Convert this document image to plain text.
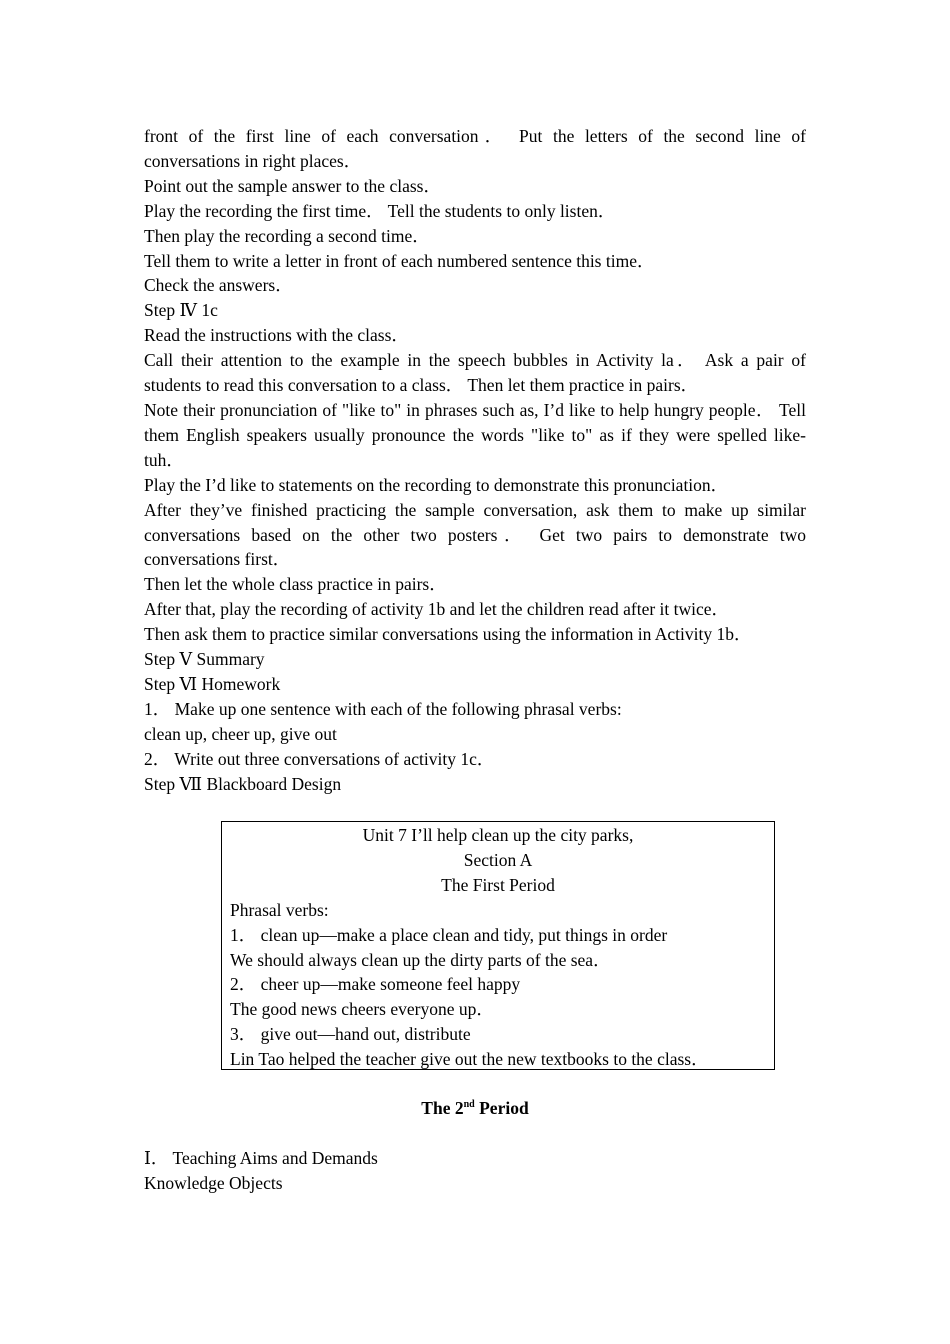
front of the first line of each conversation． Put the letters of the second line of

conversations in right places．

Point out the sample answer to the class．

Play the recording the first time． Tell the students to only listen．

Then play the recording a second time．

Tell them to write a letter in front of each numbered sentence this time．

Check the answers．

Step Ⅳ 1c

Read the instructions with the class．

Call their attention to the example in the speech bubbles in Activity la． Ask a pair of students to read this conversation to a class． Then let them practice in pairs．

Note their pronunciation of "like to" in phrases such as, I’d like to help hungry people． Tell them English speakers usually pronounce the words "like to" as if they were spelled like-tuh．

Play the I’d like to statements on the recording to demonstrate this pronunciation．

After they’ve finished practicing the sample conversation, ask them to make up similar conversations based on the other two posters． Get two pairs to demonstrate two conversations first．

Then let the whole class practice in pairs．

After that, play the recording of activity 1b and let the children read after it twice．

Then ask them to practice similar conversations using the information in Activity 1b．

Step Ⅴ Summary

Step Ⅵ Homework

1． Make up one sentence with each of the following phrasal verbs:

clean up, cheer up, give out

2． Write out three conversations of activity 1c．

Step Ⅶ Blackboard Design

Unit 7 I’ll help clean up the city parks,

Section A

The First Period

Phrasal verbs:

1． clean up—make a place clean and tidy, put things in order

We should always clean up the dirty parts of the sea．

2． cheer up—make someone feel happy

The good news cheers everyone up．

3． give out—hand out, distribute

Lin Tao helped the teacher give out the new textbooks to the class．

The 2nd Period

Ⅰ． Teaching Aims and Demands

Knowledge Objects
